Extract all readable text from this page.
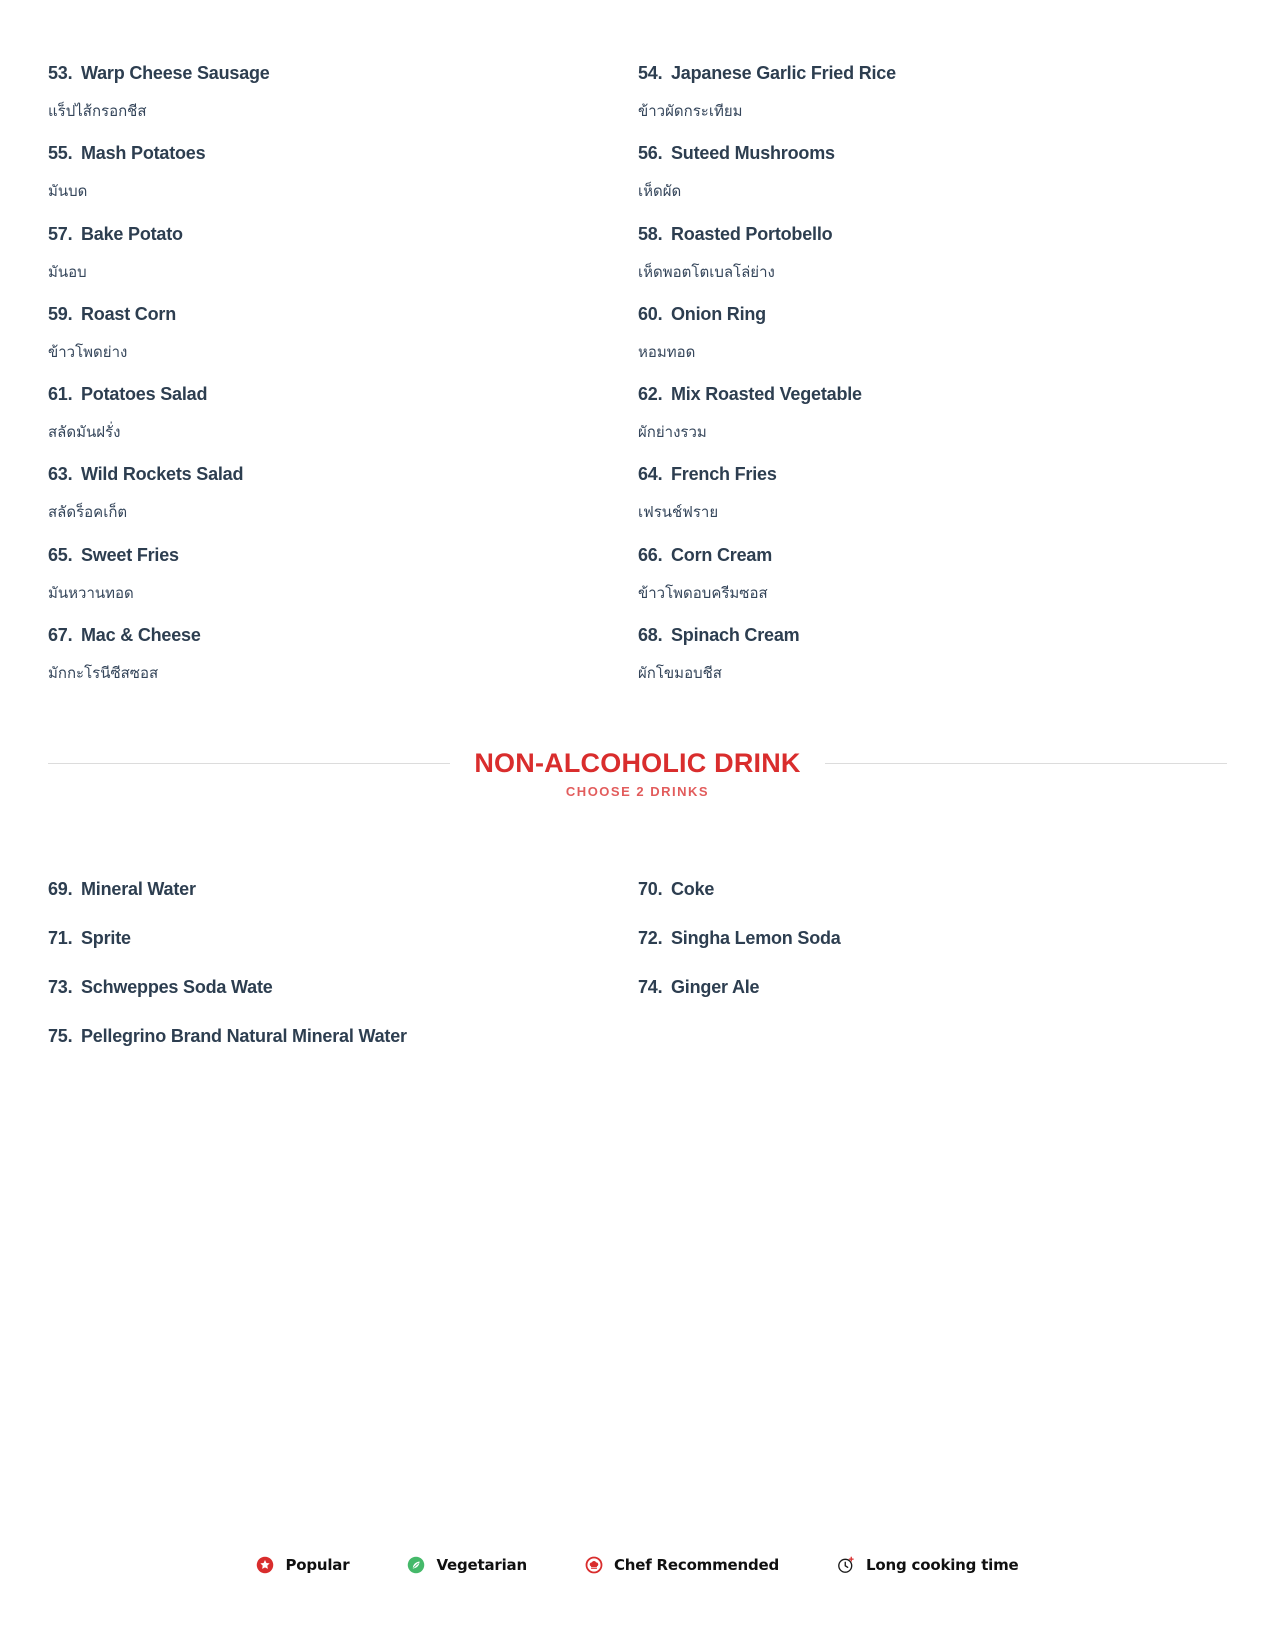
53. Warp Cheese Sausage
แร็ปไส้กรอกชีส
54. Japanese Garlic Fried Rice
ข้าวผัดกระเทียม
55. Mash Potatoes
มันบด
56. Suteed Mushrooms
เห็ดผัด
57. Bake Potato
มันอบ
58. Roasted Portobello
เห็ดพอตโตเบลโล่ย่าง
59. Roast Corn
ข้าวโพดย่าง
60. Onion Ring
หอมทอด
61. Potatoes Salad
สลัดมันฝรั่ง
62. Mix Roasted Vegetable
ผักย่างรวม
63. Wild Rockets Salad
สลัดร็อคเก็ต
64. French Fries
เฟรนช์ฟราย
65. Sweet Fries
มันหวานทอด
66. Corn Cream
ข้าวโพดอบครีมซอส
67. Mac & Cheese
มักกะโรนีซีสซอส
68. Spinach Cream
ผักโขมอบชีส
NON-ALCOHOLIC DRINK
CHOOSE 2 DRINKS
69. Mineral Water	70. Coke
71. Sprite	72. Singha Lemon Soda
73. Schweppes Soda Wate	74. Ginger Ale
75. Pellegrino Brand Natural Mineral Water
Popular	Vegetarian	Chef Recommended	Long cooking time
